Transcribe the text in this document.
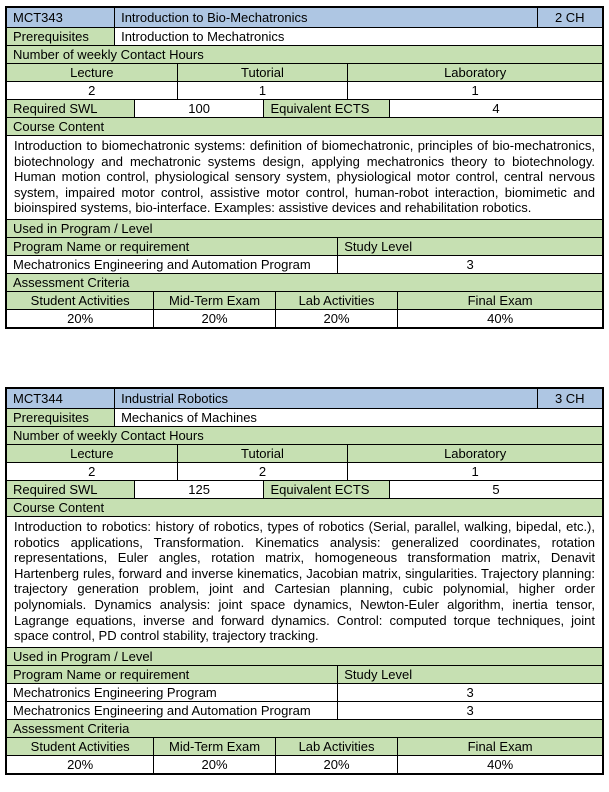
MCT343	Introduction to Bio-Mechatronics	2 CH
Prerequisites	Introduction to Mechatronics
Number of weekly Contact Hours
Lecture	Tutorial	Laboratory
2	1	1
Required SWL	100	Equivalent ECTS	4
Course Content
Introduction to biomechatronic systems: definition of biomechatronic, principles of bio-mechatronics, biotechnology and mechatronic systems design, applying mechatronics theory to biotechnology. Human motion control, physiological sensory system, physiological motor control, central nervous system, impaired motor control, assistive motor control, human-robot interaction, biomimetic and bioinspired systems, bio-interface. Examples: assistive devices and rehabilitation robotics.
Used in Program / Level
Program Name or requirement	Study Level
Mechatronics Engineering and Automation Program	3
Assessment Criteria
Student Activities	Mid-Term Exam	Lab Activities	Final Exam
20%	20%	20%	40%
MCT344	Industrial Robotics	3 CH
Prerequisites	Mechanics of Machines
Number of weekly Contact Hours
Lecture	Tutorial	Laboratory
2	2	1
Required SWL	125	Equivalent ECTS	5
Course Content
Introduction to robotics: history of robotics, types of robotics (Serial, parallel, walking, bipedal, etc.), robotics applications, Transformation. Kinematics analysis: generalized coordinates, rotation representations, Euler angles, rotation matrix, homogeneous transformation matrix, Denavit Hartenberg rules, forward and inverse kinematics, Jacobian matrix, singularities. Trajectory planning: trajectory generation problem, joint and Cartesian planning, cubic polynomial, higher order polynomials. Dynamics analysis: joint space dynamics, Newton-Euler algorithm, inertia tensor, Lagrange equations, inverse and forward dynamics. Control: computed torque techniques, joint space control, PD control stability, trajectory tracking.
Used in Program / Level
Program Name or requirement	Study Level
Mechatronics Engineering Program	3
Mechatronics Engineering and Automation Program	3
Assessment Criteria
Student Activities	Mid-Term Exam	Lab Activities	Final Exam
20%	20%	20%	40%
